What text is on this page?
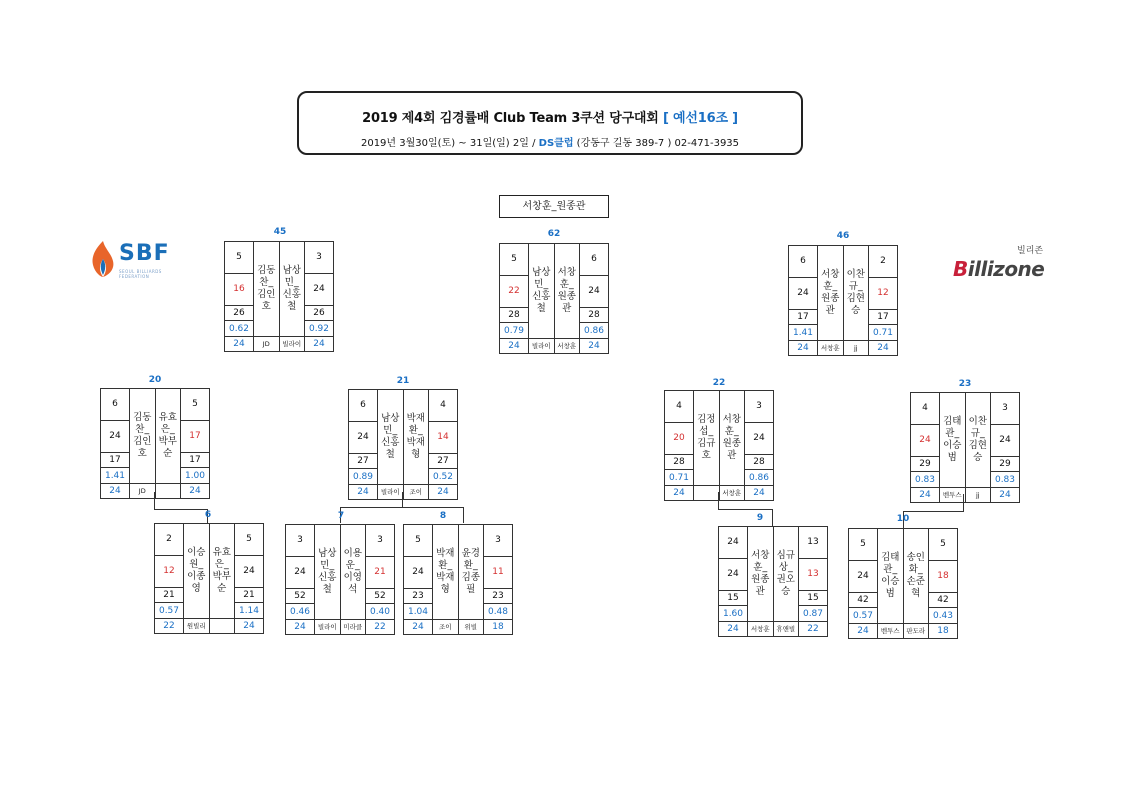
2019 제4회 김경률배 Club Team 3쿠션 당구대회 [ 예선16조 ]
2019년 3월30일(토) ~ 31일(일) 2일 / DS클럽 (강동구 길동 389-7 ) 02-471-3935
서창훈_원종관
SBF
SEOUL BILLIARDS FEDERATION
빌리존
Billizone
45
5	김동찬_김인호	남상민_신홍철	3
16			24
26			26
0.62			0.92
24	JD	빌라이	24
62
5	남상민_신홍철	서창훈_원종관	6
22			24
28			28
0.79			0.86
24	빌라이	서창훈	24
46
6	서창훈_원종관	이찬규_김현승	2
24			12
17			17
1.41			0.71
24	서창훈	jj	24
20
6	김동찬_김인호	유효은_박부순	5
24			17
17			17
1.41			1.00
24	JD		24
21
6	남상민_신홍철	박재환_박재형	4
24			14
27			27
0.89			0.52
24	빌라이	조이	24
22
4	김정섭_김규호	서창훈_원종관	3
20			24
28			28
0.71			0.86
24		서창훈	24
23
4	김태관_이승범	이찬규_김현승	3
24			24
29			29
0.83			0.83
24	벤투스	jj	24
6
2	이승원_이종영	유효은_박부순	5
12			24
21			21
0.57			1.14
22	원빌리		24
7
3	남상민_신홍철	이용운_이영석	3
24			21
52			52
0.46			0.40
24	빌라이	미라클	22
8
5	박재환_박재형	윤경환_김종필	3
24			11
23			23
1.04			0.48
24	조이	위빌	18
9
24	서창훈_원종관	심규상_권오승	13
24			13
15			15
1.60			0.87
24	서창훈	휴앤빌	22
10
5	김태관_이승범	송인화_손준혁	5
24			18
42			42
0.57			0.43
24	벤투스	판도라	18
